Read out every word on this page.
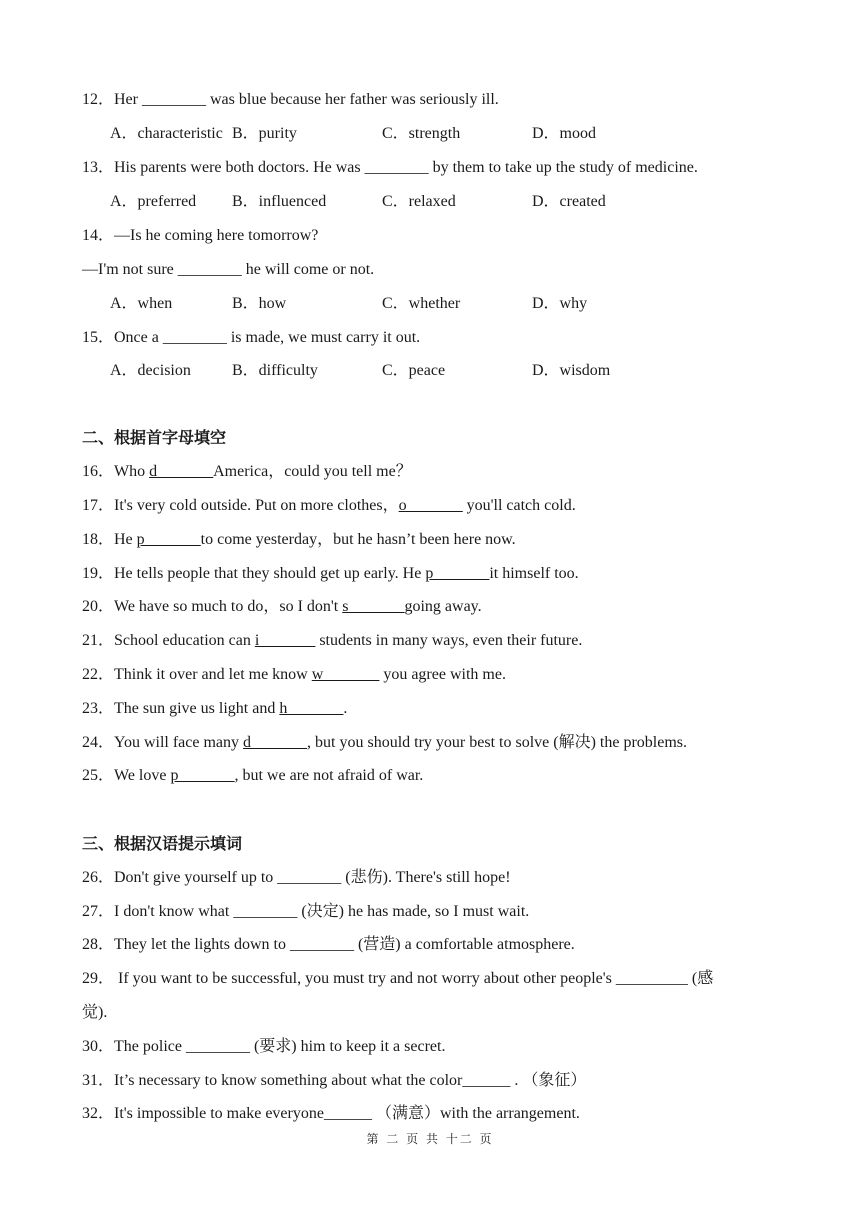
12．Her ________ was blue because her father was seriously ill.
A．characteristic B．purity	C．strength	D．mood
13．His parents were both doctors. He was ________ by them to take up the study of medicine.
A．preferred B．influenced	C．relaxed	D．created
14．—Is he coming here tomorrow?
—I'm not sure ________ he will come or not.
A．when	B．how	C．whether	D．why
15．Once a ________ is made, we must carry it out.
A．decision	B．difficulty	C．peace	D．wisdom
二、根据首字母填空
16．Who d_______America，could you tell me？
17．It's very cold outside. Put on more clothes，o_______ you'll catch cold.
18．He p_______to come yesterday，but he hasn’t been here now.
19．He tells people that they should get up early. He p_______it himself too.
20．We have so much to do，so I don't s_______going away.
21．School education can i_______ students in many ways, even their future.
22．Think it over and let me know w_______ you agree with me.
23．The sun give us light and h_______.
24．You will face many d_______, but you should try your best to solve (解决) the problems.
25．We love p_______, but we are not afraid of war.
三、根据汉语提示填词
26．Don't give yourself up to ________ (悲伤). There's still hope!
27．I don't know what ________ (决定) he has made, so I must wait.
28．They let the lights down to ________ (营造) a comfortable atmosphere.
29． If you want to be successful, you must try and not worry about other people's _________ (感
觉).
30．The police ________ (要求) him to keep it a secret.
31．It’s necessary to know something about what the color______ . （象征）
32．It's impossible to make everyone______ （满意）with the arrangement.
第 二 页 共 十二 页
